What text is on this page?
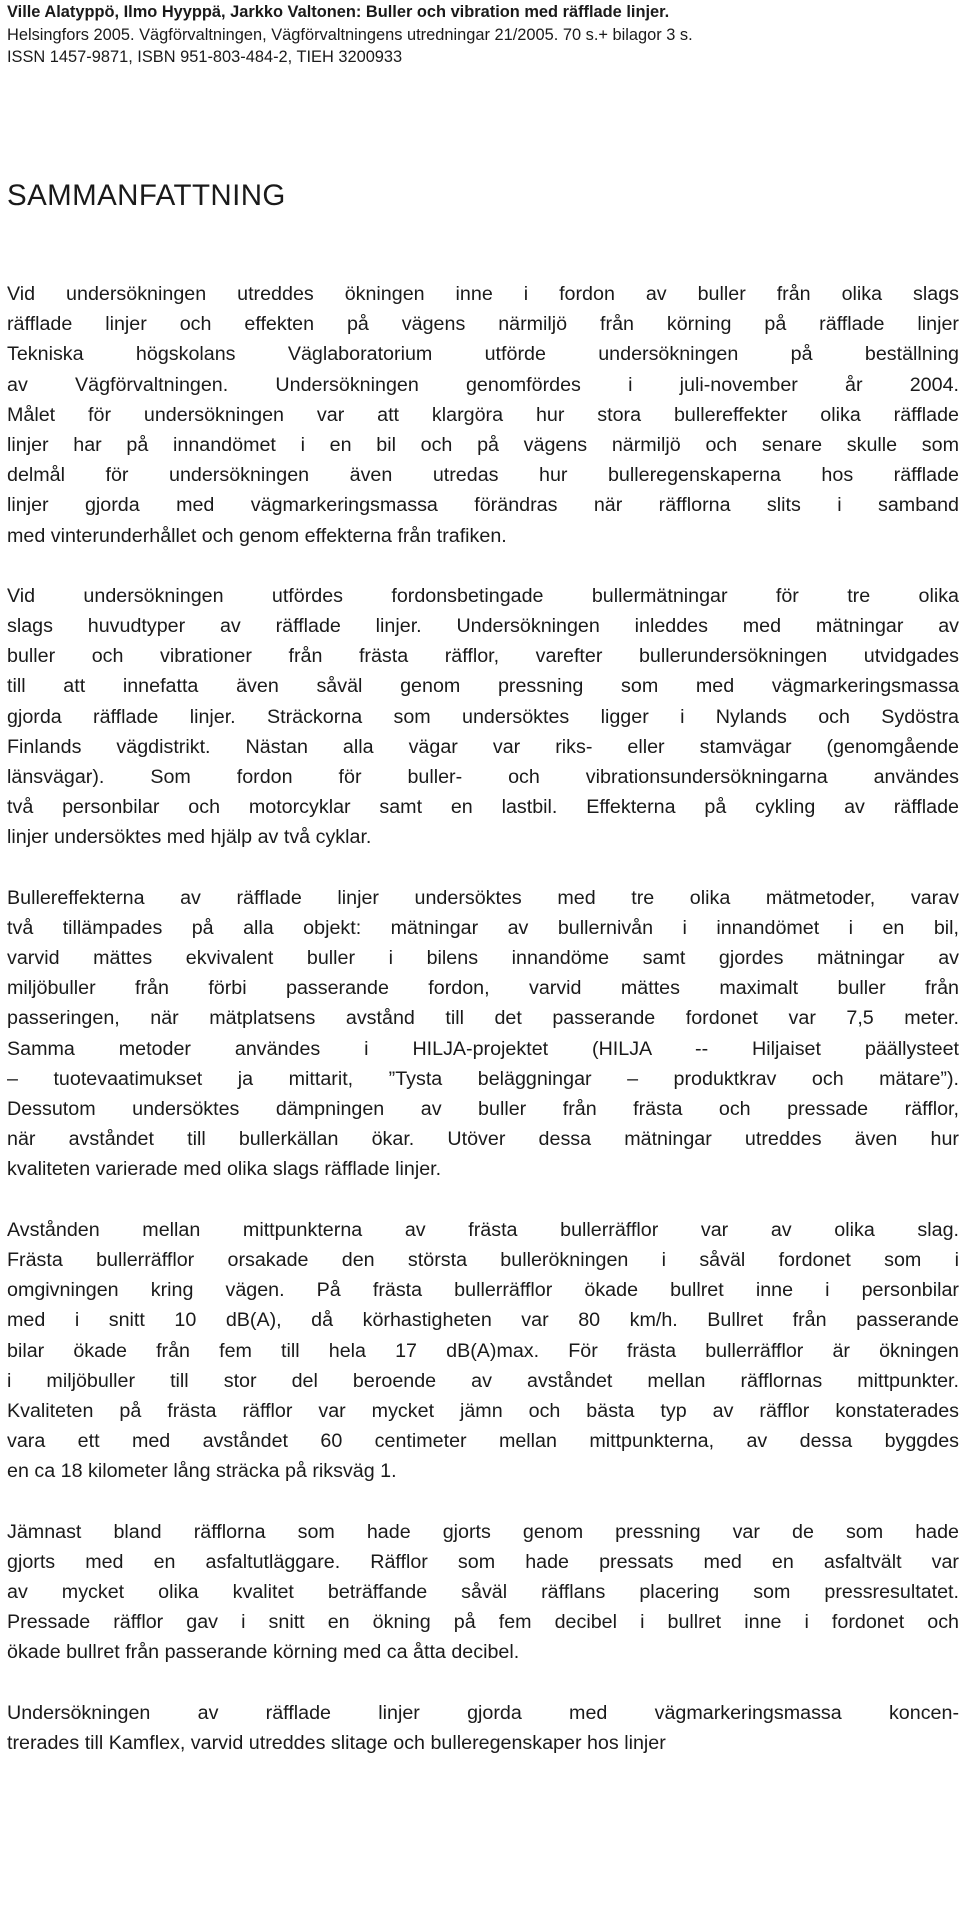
Ville Alatyppö, Ilmo Hyyppä, Jarkko Valtonen: Buller och vibration med räfflade linjer.
Helsingfors 2005. Vägförvaltningen, Vägförvaltningens utredningar 21/2005. 70 s.+ bilagor 3 s.
ISSN 1457-9871, ISBN 951-803-484-2, TIEH 3200933
SAMMANFATTNING
Vid undersökningen utreddes ökningen inne i fordon av buller från olika slags
räfflade linjer och effekten på vägens närmiljö från körning på räfflade linjer
Tekniska högskolans Väglaboratorium utförde undersökningen på beställning
av Vägförvaltningen. Undersökningen genomfördes i juli-november år 2004.
Målet för undersökningen var att klargöra hur stora bullereffekter olika räfflade
linjer har på innandömet i en bil och på vägens närmiljö och senare skulle som
delmål för undersökningen även utredas hur bulleregenskaperna hos räfflade
linjer gjorda med vägmarkeringsmassa förändras när räfflorna slits i samband
med vinterunderhållet och genom effekterna från trafiken.
Vid undersökningen utfördes fordonsbetingade bullermätningar för tre olika
slags huvudtyper av räfflade linjer. Undersökningen inleddes med mätningar av
buller och vibrationer från frästa räfflor, varefter bullerundersökningen utvidgades
till att innefatta även såväl genom pressning som med vägmarkeringsmassa
gjorda räfflade linjer. Sträckorna som undersöktes ligger i Nylands och Sydöstra
Finlands vägdistrikt. Nästan alla vägar var riks- eller stamvägar (genomgående
länsvägar). Som fordon för buller- och vibrationsundersökningarna användes
två personbilar och motorcyklar samt en lastbil. Effekterna på cykling av räfflade
linjer undersöktes med hjälp av två cyklar.
Bullereffekterna av räfflade linjer undersöktes med tre olika mätmetoder, varav
två tillämpades på alla objekt: mätningar av bullernivån i innandömet i en bil,
varvid mättes ekvivalent buller i bilens innandöme samt gjordes mätningar av
miljöbuller från förbi passerande fordon, varvid mättes maximalt buller från
passeringen, när mätplatsens avstånd till det passerande fordonet var 7,5 meter.
Samma metoder användes i HILJA-projektet (HILJA -- Hiljaiset päällysteet
– tuotevaatimukset ja mittarit, ”Tysta beläggningar – produktkrav och mätare”).
Dessutom undersöktes dämpningen av buller från frästa och pressade räfflor,
när avståndet till bullerkällan ökar. Utöver dessa mätningar utreddes även hur
kvaliteten varierade med olika slags räfflade linjer.
Avstånden mellan mittpunkterna av frästa bullerräfflor var av olika slag.
Frästa bullerräfflor orsakade den största bullerökningen i såväl fordonet som i
omgivningen kring vägen. På frästa bullerräfflor ökade bullret inne i personbilar
med i snitt 10 dB(A), då körhastigheten var 80 km/h. Bullret från passerande
bilar ökade från fem till hela 17 dB(A)max. För frästa bullerräfflor är ökningen
i miljöbuller till stor del beroende av avståndet mellan räfflornas mittpunkter.
Kvaliteten på frästa räfflor var mycket jämn och bästa typ av räfflor konstaterades
vara ett med avståndet 60 centimeter mellan mittpunkterna, av dessa byggdes
en ca 18 kilometer lång sträcka på riksväg 1.
Jämnast bland räfflorna som hade gjorts genom pressning var de som hade
gjorts med en asfaltutläggare. Räfflor som hade pressats med en asfaltvält var
av mycket olika kvalitet beträffande såväl räfflans placering som pressresultatet.
Pressade räfflor gav i snitt en ökning på fem decibel i bullret inne i fordonet och
ökade bullret från passerande körning med ca åtta decibel.
Undersökningen av räfflade linjer gjorda med vägmarkeringsmassa koncen-
trerades till Kamflex, varvid utreddes slitage och bulleregenskaper hos linjer
